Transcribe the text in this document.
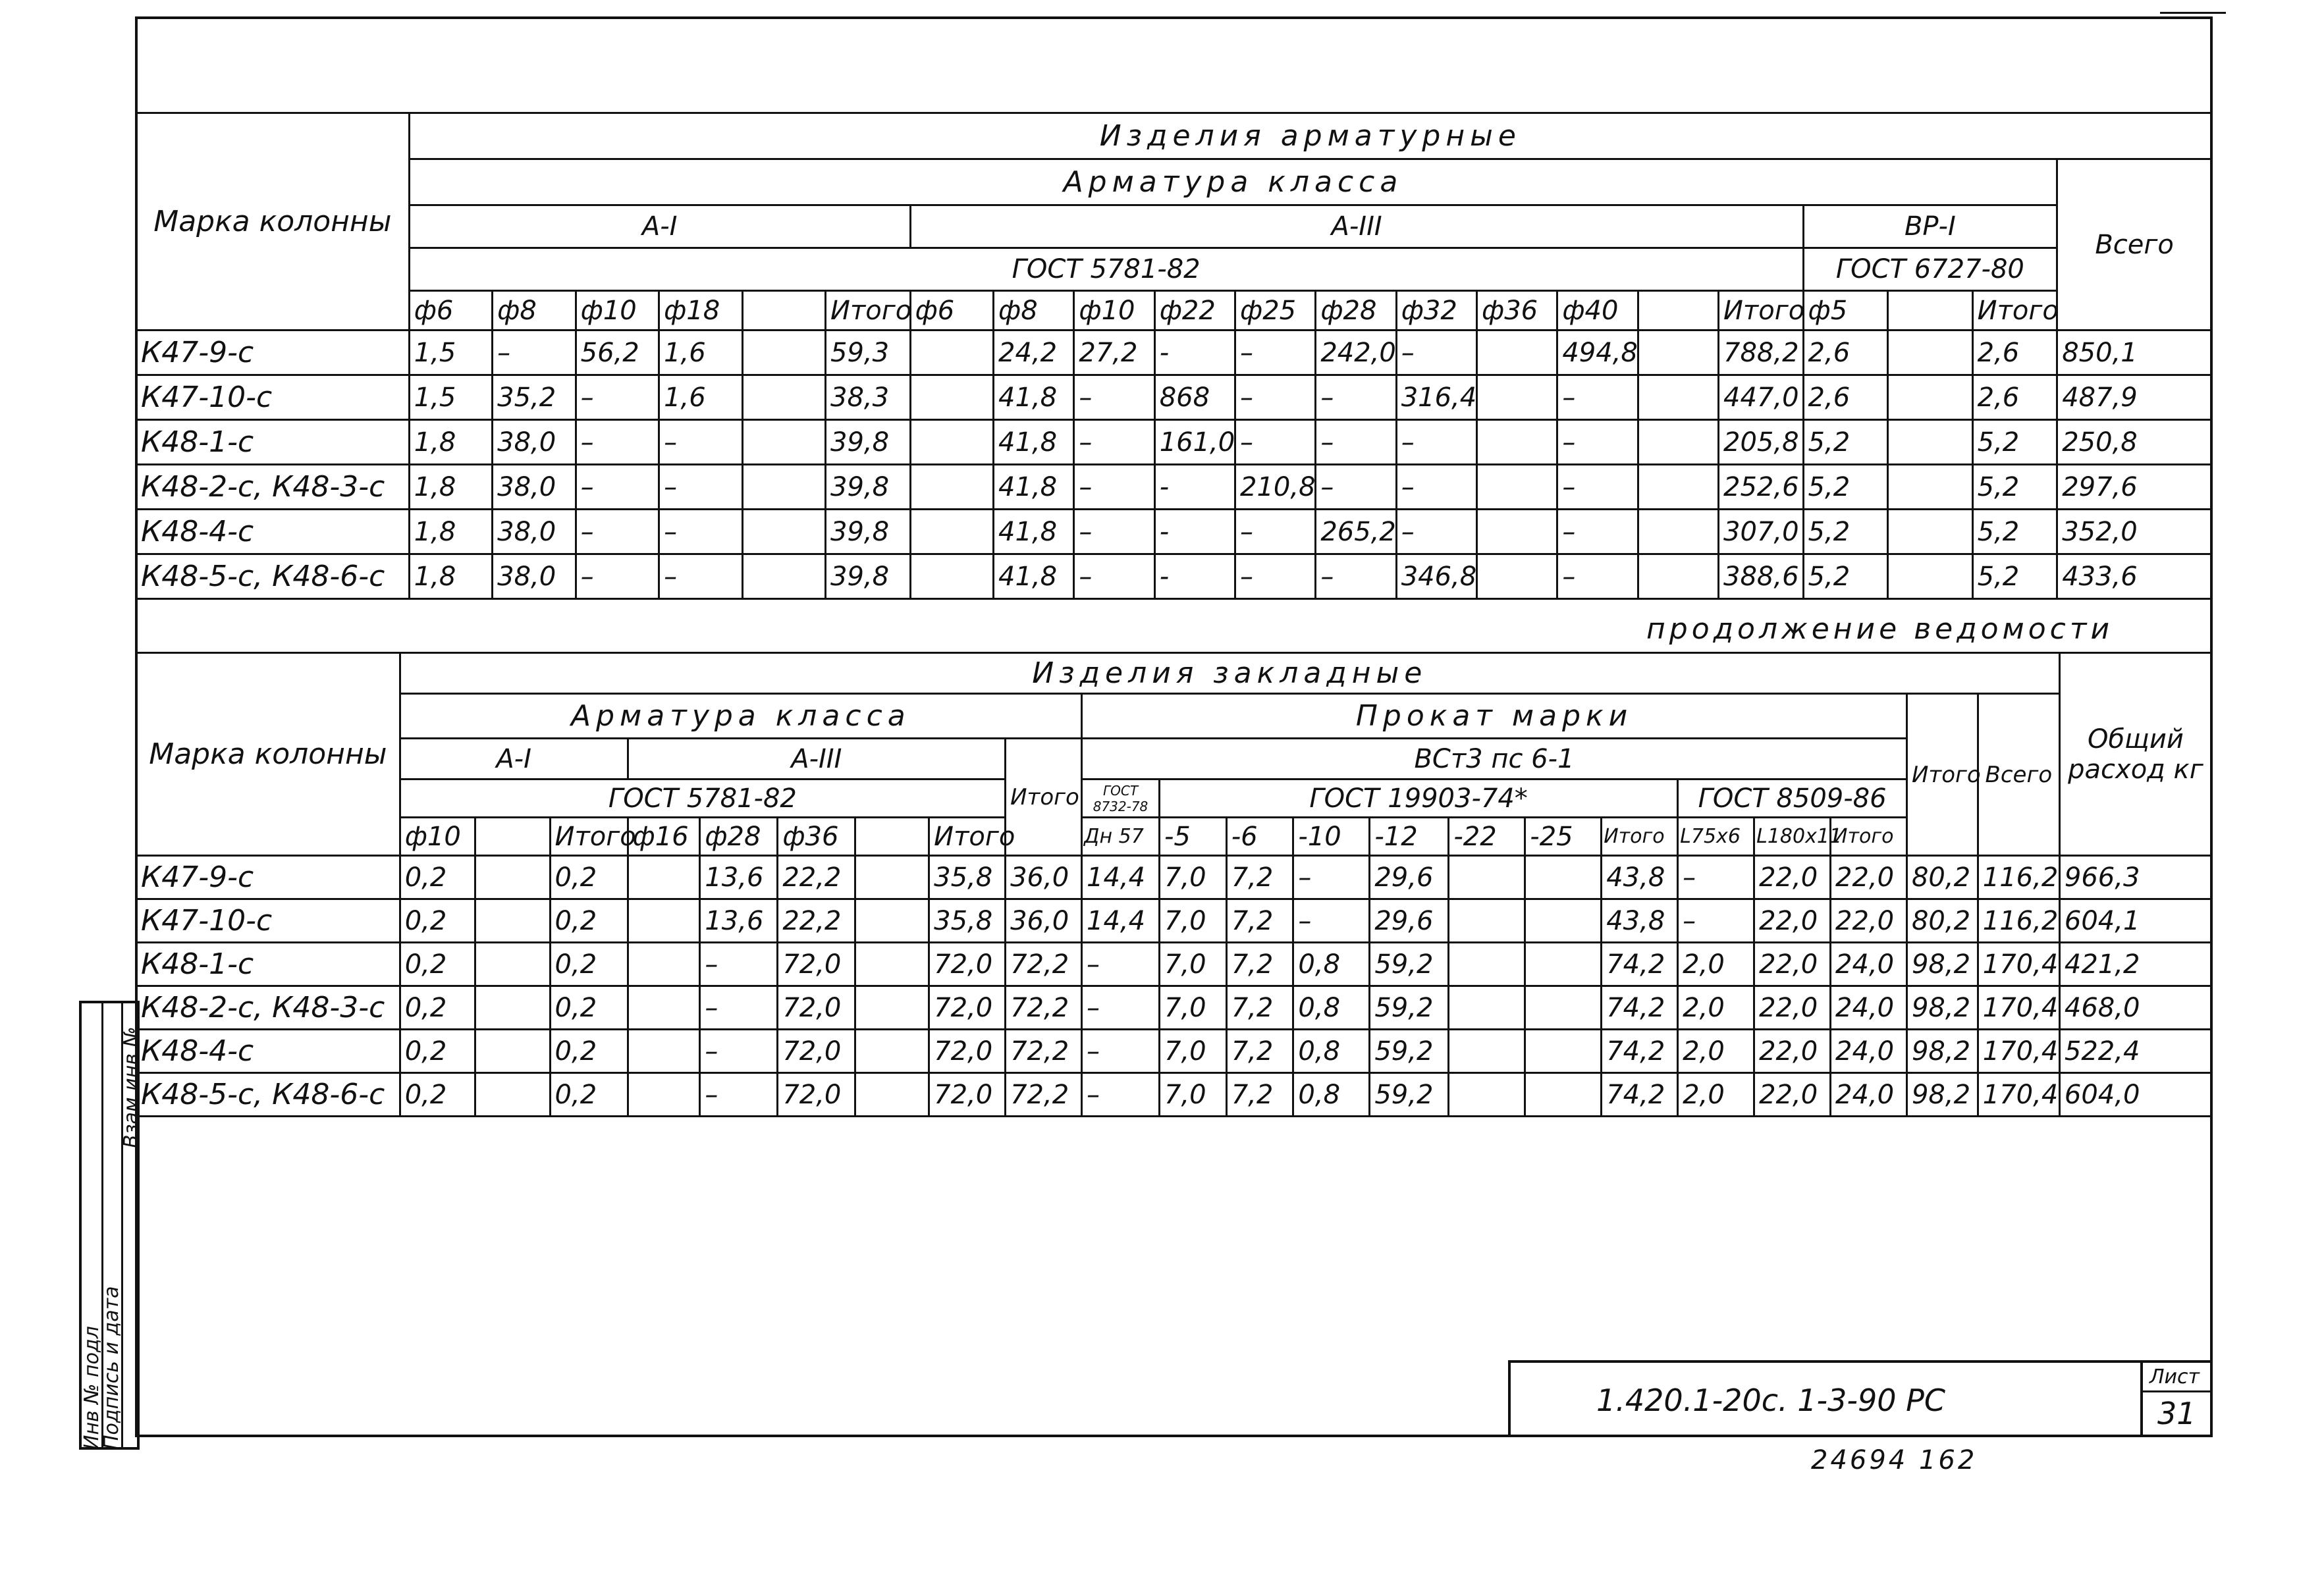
Марка колонны	Изделия арматурные																				
	Арматура класса																				Всего
	А-I						А-III											ВР-I			
	ГОСТ 5781-82																	ГОСТ 6727-80			
	ф6	ф8	ф10	ф18		Итого	ф6	ф8	ф10	ф22	ф25	ф28	ф32	ф36	ф40		Итого	ф5		Итого	
К47-9-с	1,5	–	56,2	1,6		59,3		24,2	27,2	-	–	242,0	–		494,8		788,2	2,6		2,6	850,1
К47-10-с	1,5	35,2	–	1,6		38,3		41,8	–	868	–	–	316,4		–		447,0	2,6		2,6	487,9
К48-1-с	1,8	38,0	–	–		39,8		41,8	–	161,0	–	–	–		–		205,8	5,2		5,2	250,8
К48-2-с, К48-3-с	1,8	38,0	–	–		39,8		41,8	–	-	210,8	–	–		–		252,6	5,2		5,2	297,6
К48-4-с	1,8	38,0	–	–		39,8		41,8	–	-	–	265,2	–		–		307,0	5,2		5,2	352,0
К48-5-с, К48-6-с	1,8	38,0	–	–		39,8		41,8	–	-	–	–	346,8		–		388,6	5,2		5,2	433,6
продолжение ведомости
Марка колонны	Изделия закладные																						Общий расход кг
	Арматура класса									Прокат марки											Итого	Всего	
	А-I			А-III					Итого	ВСт3 пс 6-1													
	ГОСТ 5781-82									ГОСТ 8732-78	ГОСТ 19903-74*							ГОСТ 8509-86					
	ф10		Итого	ф16	ф28	ф36		Итого		Дн 57	-5	-6	-10	-12	-22	-25	Итого	L75x6	L180x11	Итого			
К47-9-с	0,2		0,2		13,6	22,2		35,8	36,0	14,4	7,0	7,2	–	29,6			43,8	–	22,0	22,0	80,2	116,2	966,3
К47-10-с	0,2		0,2		13,6	22,2		35,8	36,0	14,4	7,0	7,2	–	29,6			43,8	–	22,0	22,0	80,2	116,2	604,1
К48-1-с	0,2		0,2		–	72,0		72,0	72,2	–	7,0	7,2	0,8	59,2			74,2	2,0	22,0	24,0	98,2	170,4	421,2
К48-2-с, К48-3-с	0,2		0,2		–	72,0		72,0	72,2	–	7,0	7,2	0,8	59,2			74,2	2,0	22,0	24,0	98,2	170,4	468,0
К48-4-с	0,2		0,2		–	72,0		72,0	72,2	–	7,0	7,2	0,8	59,2			74,2	2,0	22,0	24,0	98,2	170,4	522,4
К48-5-с, К48-6-с	0,2		0,2		–	72,0		72,0	72,2	–	7,0	7,2	0,8	59,2			74,2	2,0	22,0	24,0	98,2	170,4	604,0
Инв № подл
Подпись и дата
Взам инв №
1.420.1-20с. 1-3-90 РС
Лист
31
24694 162
